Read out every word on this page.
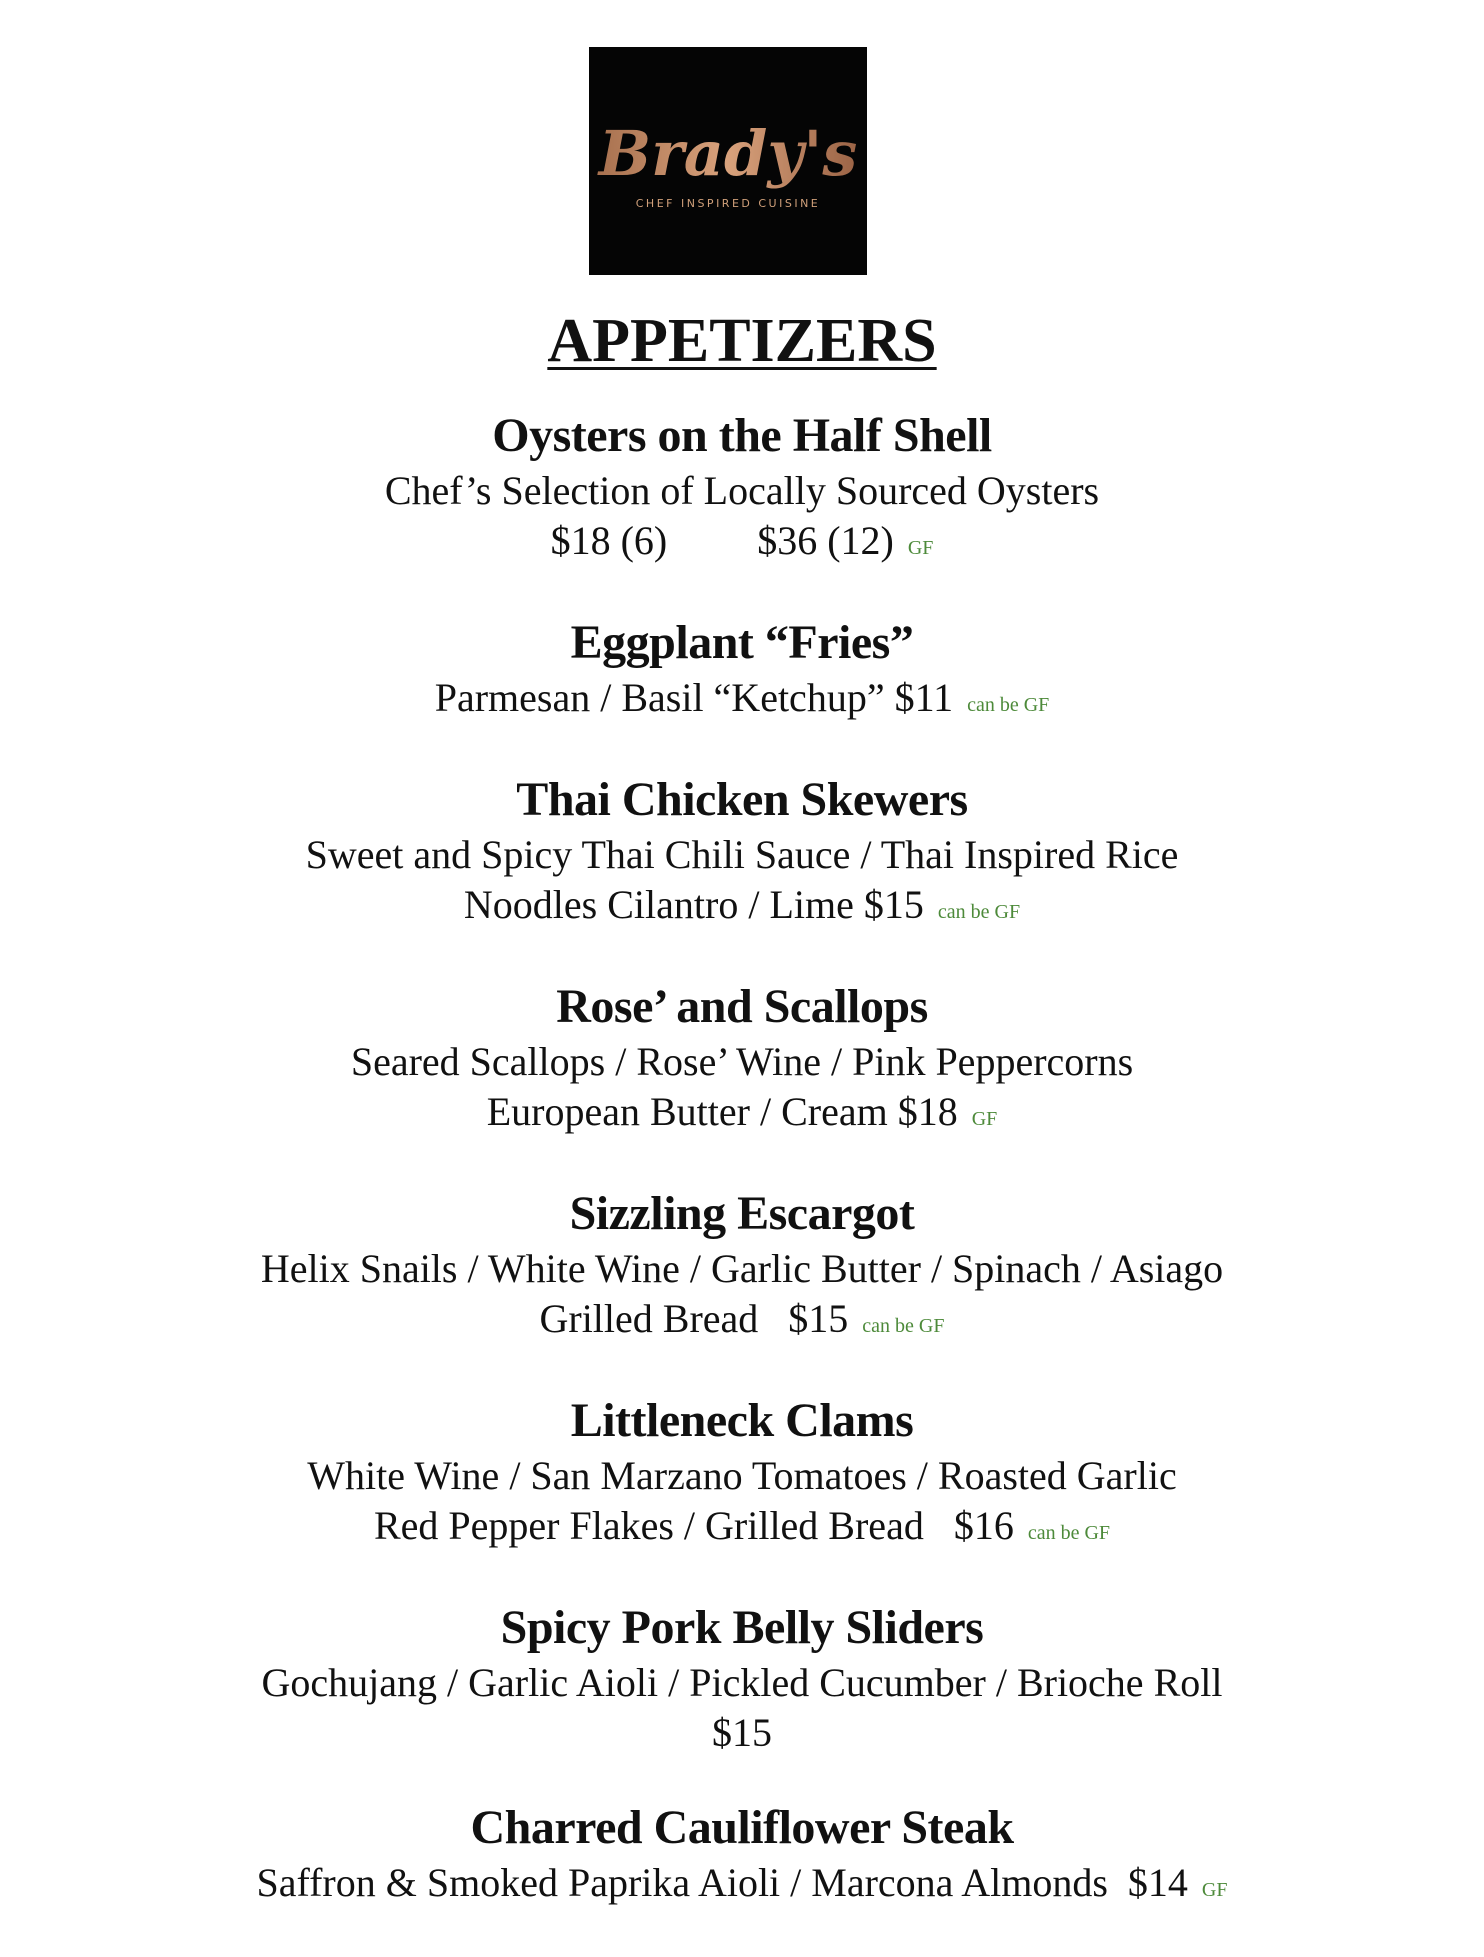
Brady's
CHEF INSPIRED CUISINE
APPETIZERS
Oysters on the Half Shell
Chef’s Selection of Locally Sourced Oysters
$18 (6) $36 (12) GF
Eggplant “Fries”
Parmesan / Basil “Ketchup” $11 can be GF
Thai Chicken Skewers
Sweet and Spicy Thai Chili Sauce / Thai Inspired Rice
Noodles Cilantro / Lime $15 can be GF
Rose’ and Scallops
Seared Scallops / Rose’ Wine / Pink Peppercorns
European Butter / Cream $18 GF
Sizzling Escargot
Helix Snails / White Wine / Garlic Butter / Spinach / Asiago
Grilled Bread $15 can be GF
Littleneck Clams
White Wine / San Marzano Tomatoes / Roasted Garlic
Red Pepper Flakes / Grilled Bread $16 can be GF
Spicy Pork Belly Sliders
Gochujang / Garlic Aioli / Pickled Cucumber / Brioche Roll
$15
Charred Cauliflower Steak
Saffron & Smoked Paprika Aioli / Marcona Almonds  $14 GF
